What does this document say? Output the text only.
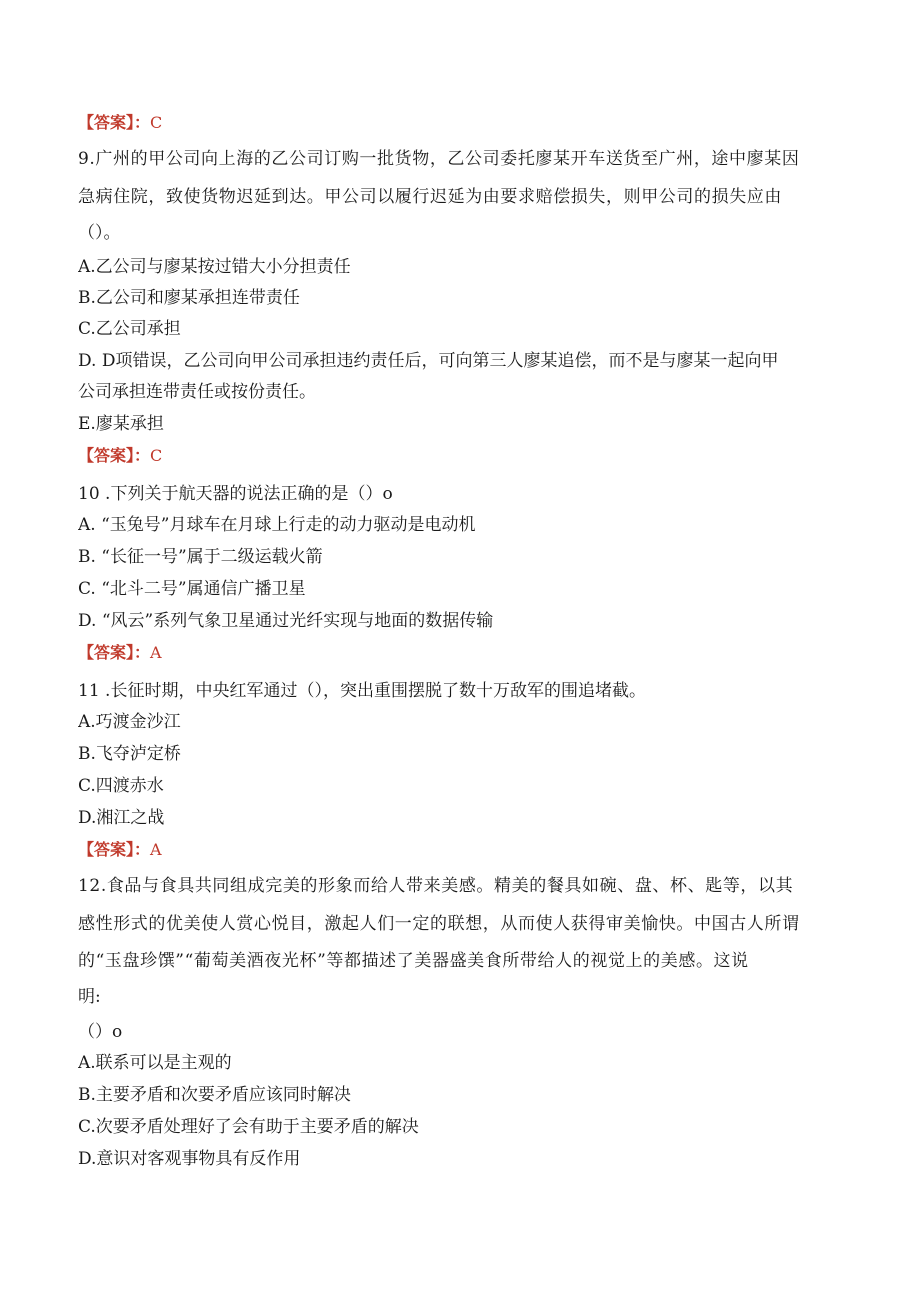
【答案】：C
9.广州的甲公司向上海的乙公司订购一批货物，乙公司委托廖某开车送货至广州，途中廖某因
急病住院，致使货物迟延到达。甲公司以履行迟延为由要求赔偿损失，则甲公司的损失应由
（）。
A.乙公司与廖某按过错大小分担责任
B.乙公司和廖某承担连带责任
C.乙公司承担
D. D项错误，乙公司向甲公司承担违约责任后，可向第三人廖某追偿，而不是与廖某一起向甲
公司承担连带责任或按份责任。
E.廖某承担
【答案】：C
10 .下列关于航天器的说法正确的是（）o
A. “玉兔号”月球车在月球上行走的动力驱动是电动机
B. “长征一号”属于二级运载火箭
C. “北斗二号”属通信广播卫星
D. “风云”系列气象卫星通过光纤实现与地面的数据传输
【答案】：A
11 .长征时期，中央红军通过（），突出重围摆脱了数十万敌军的围追堵截。
A.巧渡金沙江
B.飞夺泸定桥
C.四渡赤水
D.湘江之战
【答案】：A
12.食品与食具共同组成完美的形象而给人带来美感。精美的餐具如碗、盘、杯、匙等，以其
感性形式的优美使人赏心悦目，激起人们一定的联想，从而使人获得审美愉快。中国古人所谓
的“玉盘珍馔”“葡萄美酒夜光杯”等都描述了美器盛美食所带给人的视觉上的美感。这说
明:
（）o
A.联系可以是主观的
B.主要矛盾和次要矛盾应该同时解决
C.次要矛盾处理好了会有助于主要矛盾的解决
D.意识对客观事物具有反作用
